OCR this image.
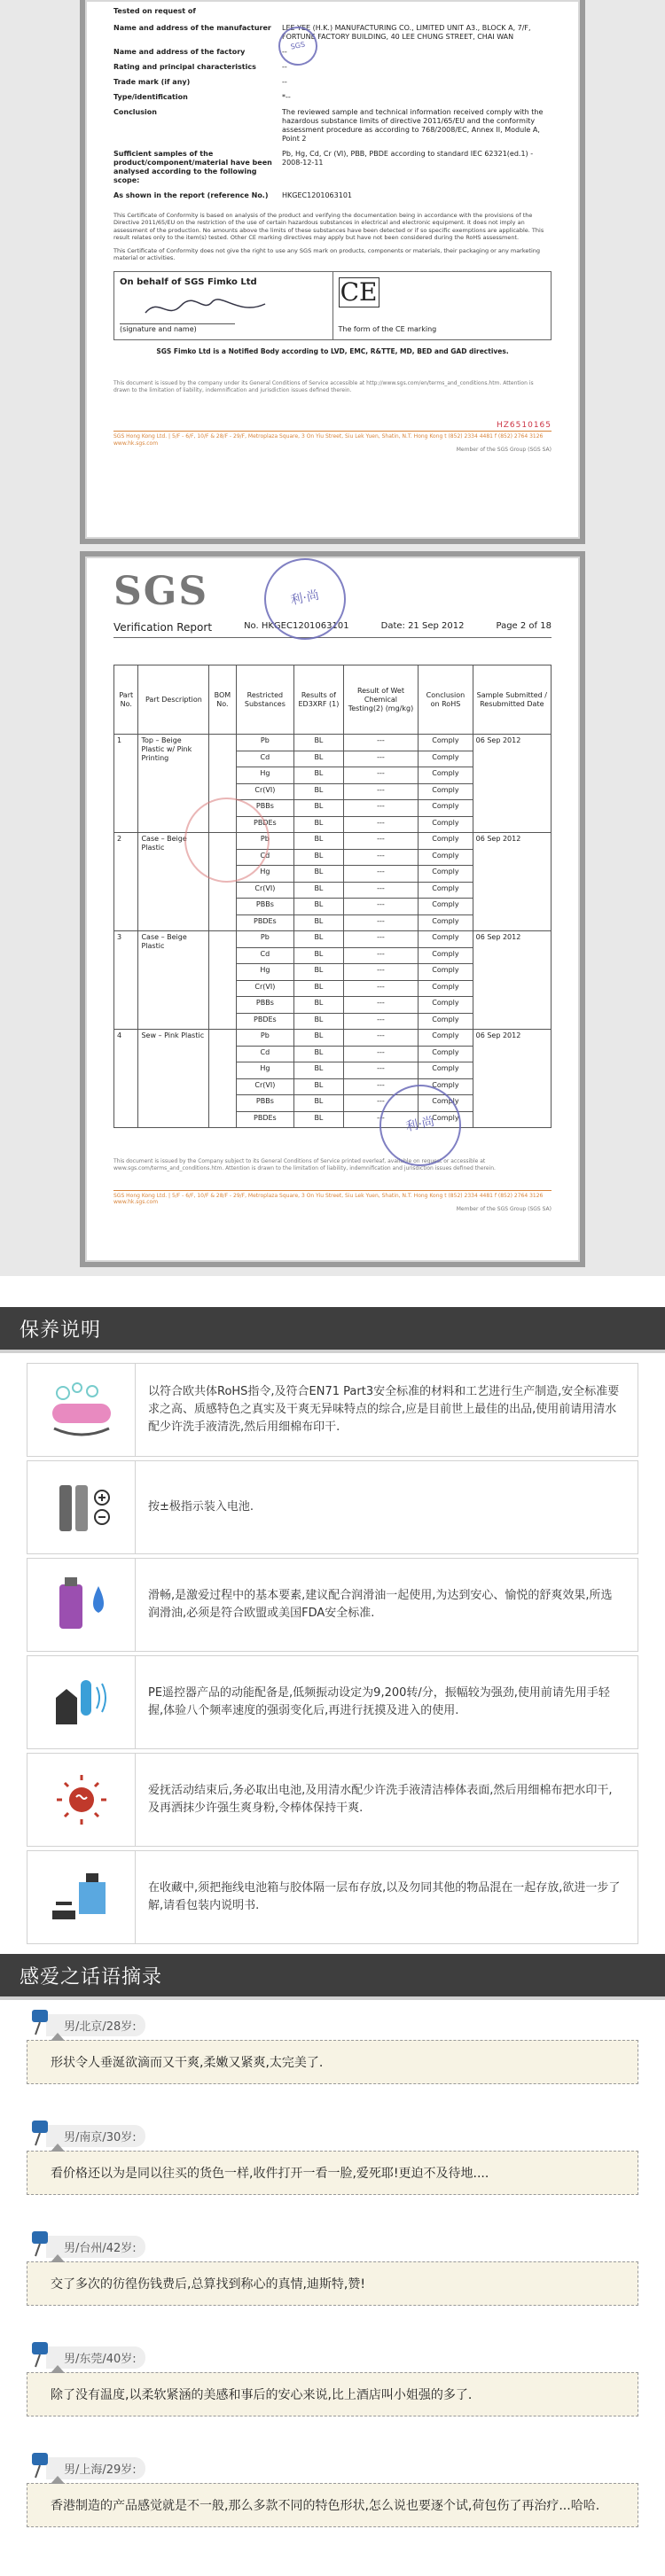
Tested on request of
Name and address of the manufacturer LEE YEE (H.K.) MANUFACTURING CO., LIMITED UNIT A3., BLOCK A, 7/F, FORTUNE FACTORY BUILDING, 40 LEE CHUNG STREET, CHAI WAN
Name and address of the factory	--
Rating and principal characteristics	--
Trade mark (if any)	--
Type/identification	*--
Conclusion	The reviewed sample and technical information received comply with the hazardous substance limits of directive 2011/65/EU and the conformity assessment procedure as according to 768/2008/EC, Annex II, Module A, Point 2
Sufficient samples of the product/component/material have been analysed according to the following scope:
Pb, Hg, Cd, Cr (VI), PBB, PBDE according to standard IEC 62321(ed.1) - 2008-12-11
As shown in the report (reference No.)	HKGEC1201063101
This Certificate of Conformity is based on analysis of the product and verifying the documentation being in accordance with the provisions of the Directive 2011/65/EU on the restriction of the use of certain hazardous substances in electrical and electronic equipment. It does not imply an assessment of the production. No amounts above the limits of these substances have been detected or if so specific exemptions are applicable. This result relates only to the item(s) tested. Other CE marking directives may apply but have not been considered during the RoHS assessment.
This Certificate of Conformity does not give the right to use any SGS mark on products, components or materials, their packaging or any marketing material or activities.
On behalf of SGS Fimko Ltd
(signature and name)
CE
The form of the CE marking
SGS
SGS Fimko Ltd is a Notified Body according to LVD, EMC, R&TTE, MD, BED and GAD directives.
This document is issued by the company under its General Conditions of Service accessible at http://www.sgs.com/en/terms_and_conditions.htm. Attention is drawn to the limitation of liability, indemnification and jurisdiction issues defined therein.
HZ6510165
SGS Hong Kong Ltd. | 5/F - 6/F, 10/F & 28/F - 29/F, Metroplaza Square, 3 On Yiu Street, Siu Lek Yuen, Shatin, N.T. Hong Kong t (852) 2334 4481 f (852) 2764 3126 www.hk.sgs.com
Member of the SGS Group (SGS SA)
SGS
Verification Report	No. HKGEC1201063101	Date: 21 Sep 2012	Page 2 of 18
利·尚
Part No.	Part Description	BOM No.	Restricted Substances	Results of ED3XRF (1)	Result of Wet Chemical Testing(2) (mg/kg)	Conclusion on RoHS	Sample Submitted / Resubmitted Date
1	Top – Beige Plastic w/ Pink Printing		Pb	BL	---	Comply	06 Sep 2012
			Cd	BL	---	Comply	
			Hg	BL	---	Comply	
			Cr(VI)	BL	---	Comply	
			PBBs	BL	---	Comply	
			PBDEs	BL	---	Comply	
2	Case – Beige Plastic		Pb	BL	---	Comply	06 Sep 2012
			Cd	BL	---	Comply	
			Hg	BL	---	Comply	
			Cr(VI)	BL	---	Comply	
			PBBs	BL	---	Comply	
			PBDEs	BL	---	Comply	
3	Case – Beige Plastic		Pb	BL	---	Comply	06 Sep 2012
			Cd	BL	---	Comply	
			Hg	BL	---	Comply	
			Cr(VI)	BL	---	Comply	
			PBBs	BL	---	Comply	
			PBDEs	BL	---	Comply	
4	Sew – Pink Plastic		Pb	BL	---	Comply	06 Sep 2012
			Cd	BL	---	Comply	
			Hg	BL	---	Comply	
			Cr(VI)	BL	---	Comply	
			PBBs	BL	---	Comply	
			PBDEs	BL	---	Comply	
利·尚
This document is issued by the Company subject to its General Conditions of Service printed overleaf, available on request or accessible at www.sgs.com/terms_and_conditions.htm. Attention is drawn to the limitation of liability, indemnification and jurisdiction issues defined therein.
SGS Hong Kong Ltd. | 5/F - 6/F, 10/F & 28/F - 29/F, Metroplaza Square, 3 On Yiu Street, Siu Lek Yuen, Shatin, N.T. Hong Kong t (852) 2334 4481 f (852) 2764 3126 www.hk.sgs.com
Member of the SGS Group (SGS SA)
保养说明
以符合欧共体RoHS指令,及符合EN71 Part3安全标准的材料和工艺进行生产制造,安全标准要求之高、质感特色之真实及干爽无异味特点的综合,应是目前世上最佳的出品,使用前请用清水配少许洗手液清洗,然后用细棉布印干.
按±极指示装入电池.
滑畅,是激爱过程中的基本要素,建议配合润滑油一起使用,为达到安心、愉悦的舒爽效果,所选润滑油,必须是符合欧盟或美国FDA安全标准.
PE遥控器产品的动能配备是,低频振动设定为9,200转/分，振幅较为强劲,使用前请先用手轻握,体验八个频率速度的强弱变化后,再进行抚摸及进入的使用.
爱抚活动结束后,务必取出电池,及用清水配少许洗手液清洁棒体表面,然后用细棉布把水印干,及再洒抹少许强生爽身粉,令棒体保持干爽.
在收藏中,须把拖线电池箱与胶体隔一层布存放,以及勿同其他的物品混在一起存放,欲进一步了解,请看包装内说明书.
感爱之话语摘录
男/北京/28岁:
形状令人垂涎欲滴而又干爽,柔嫩又紧爽,太完美了.
男/南京/30岁:
看价格还以为是同以往买的货色一样,收件打开一看一脸,爱死耶!更迫不及待地....
男/台州/42岁:
交了多次的彷徨伤钱费后,总算找到称心的真情,迪斯特,赞!
男/东莞/40岁:
除了没有温度,以柔软紧涵的美感和事后的安心来说,比上酒店叫小姐强的多了.
男/上海/29岁:
香港制造的产品感觉就是不一般,那么多款不同的特色形状,怎么说也要逐个试,荷包伤了再治疗...哈哈.
